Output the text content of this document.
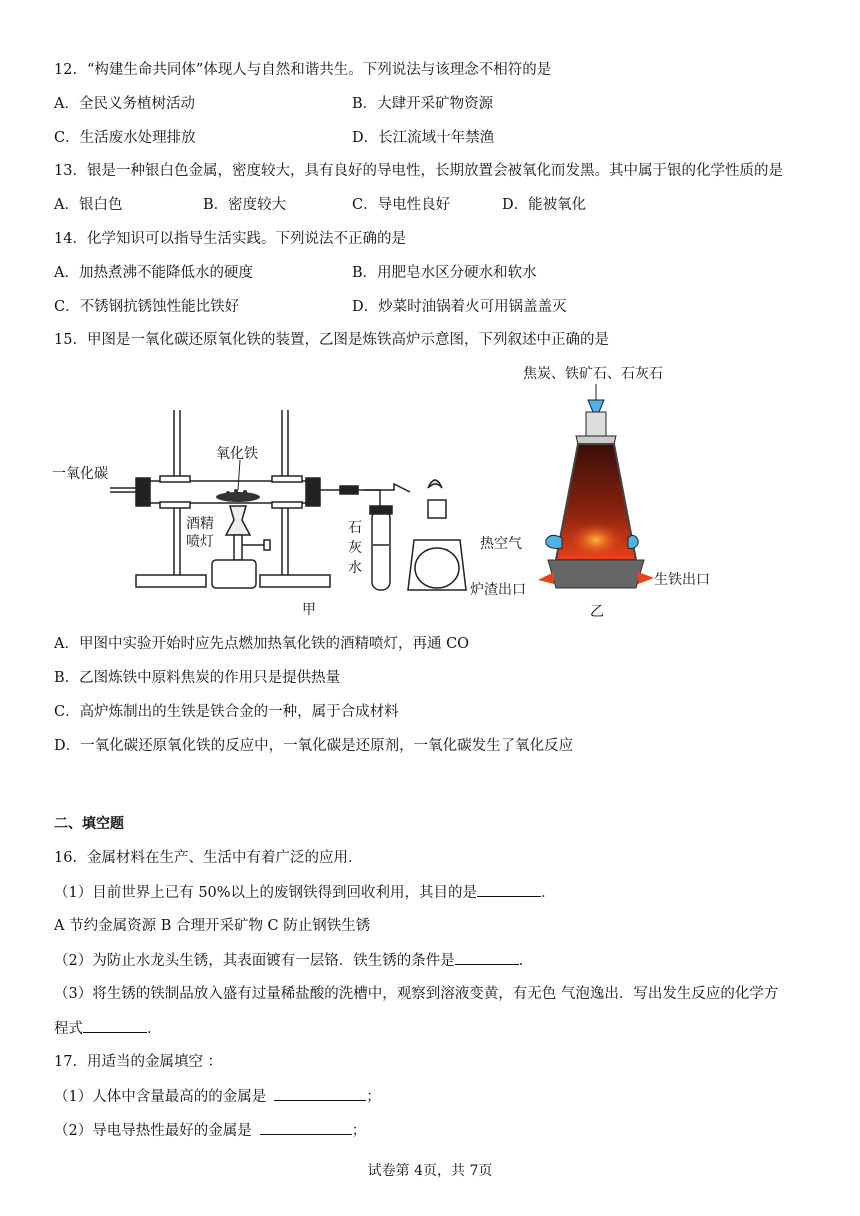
12．“构建生命共同体”体现人与自然和谐共生。下列说法与该理念不相符的是
A．全民义务植树活动	B．大肆开采矿物资源
C．生活废水处理排放	D．长江流域十年禁渔
13．银是一种银白色金属，密度较大，具有良好的导电性，长期放置会被氧化而发黑。其中属于银的化学性质的是
A．银白色	B．密度较大	C．导电性良好	D．能被氧化
14．化学知识可以指导生活实践。下列说法不正确的是
A．加热煮沸不能降低水的硬度	B．用肥皂水区分硬水和软水
C．不锈钢抗锈蚀性能比铁好	D．炒菜时油锅着火可用锅盖盖灭
15．甲图是一氧化碳还原氧化铁的装置，乙图是炼铁高炉示意图，下列叙述中正确的是
氧化铁
一氧化碳
酒精
喷灯
石
灰
水
甲
焦炭、铁矿石、石灰石
热空气
炉渣出口
生铁出口
乙
A．甲图中实验开始时应先点燃加热氧化铁的酒精喷灯，再通 CO
B．乙图炼铁中原料焦炭的作用只是提供热量
C．高炉炼制出的生铁是铁合金的一种，属于合成材料
D．一氧化碳还原氧化铁的反应中，一氧化碳是还原剂，一氧化碳发生了氧化反应
二、填空题
16．金属材料在生产、生活中有着广泛的应用．
（1）目前世界上已有 50%以上的废钢铁得到回收利用，其目的是	．
A 节约金属资源 B 合理开采矿物 C 防止钢铁生锈
（2）为防止水龙头生锈，其表面镀有一层铬．铁生锈的条件是	．
（3）将生锈的铁制品放入盛有过量稀盐酸的洗槽中，观察到溶液变黄，有无色 气泡逸出．写出发生反应的化学方
程式	．
17．用适当的金属填空 ：
（1）人体中含量最高的的金属是	；
（2）导电导热性最好的金属是	；
试卷第 4页，共 7页
